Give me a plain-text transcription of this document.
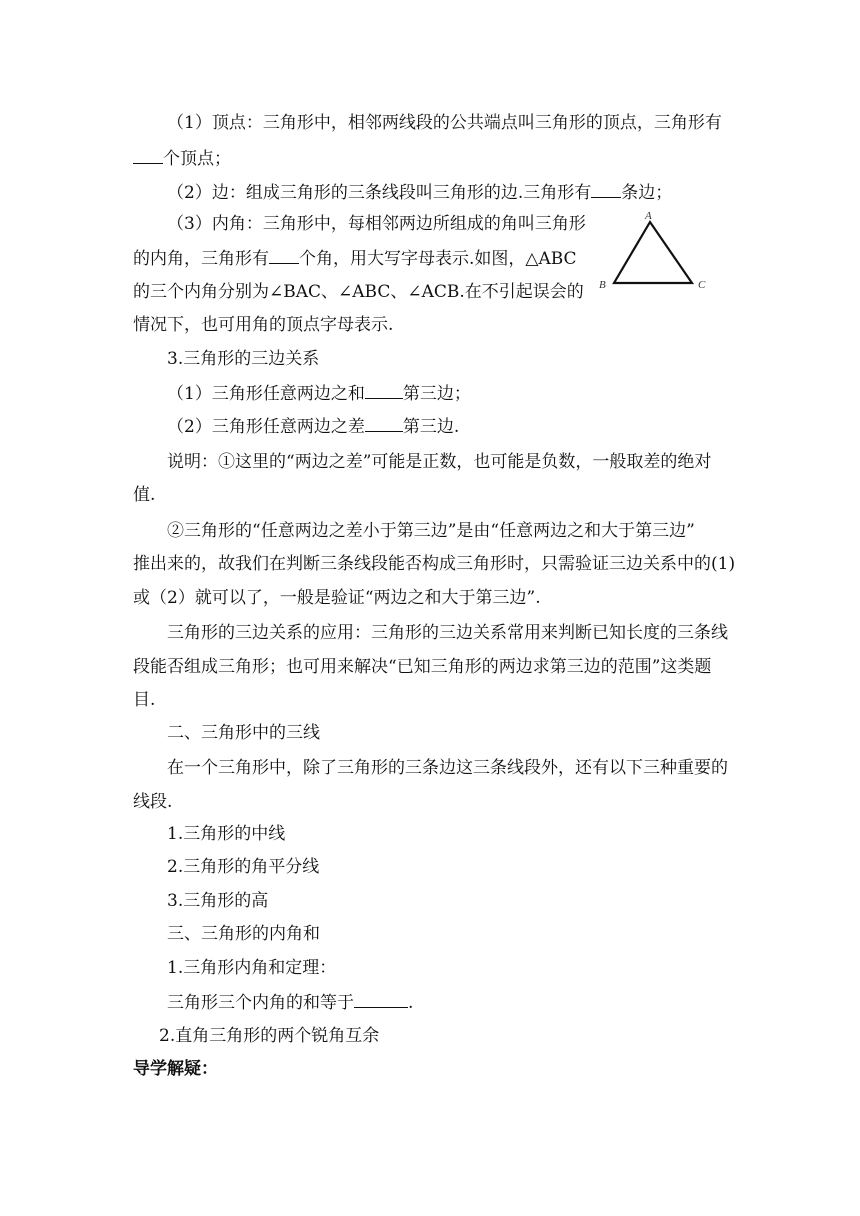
（1）顶点：三角形中，相邻两线段的公共端点叫三角形的顶点，三角形有
个顶点；
（2）边：组成三角形的三条线段叫三角形的边.三角形有 条边；
（3）内角：三角形中，每相邻两边所组成的角叫三角形
的内角，三角形有 个角，用大写字母表示.如图，△ABC
的三个内角分别为∠BAC、∠ABC、∠ACB.在不引起误会的
情况下，也可用角的顶点字母表示.
A
B	C
3.三角形的三边关系
（1）三角形任意两边之和 第三边；
（2）三角形任意两边之差 第三边.
说明：①这里的“两边之差”可能是正数，也可能是负数，一般取差的绝对
值.
②三角形的“任意两边之差小于第三边”是由“任意两边之和大于第三边”
推出来的，故我们在判断三条线段能否构成三角形时，只需验证三边关系中的(1)
或（2）就可以了，一般是验证“两边之和大于第三边”.
三角形的三边关系的应用：三角形的三边关系常用来判断已知长度的三条线
段能否组成三角形；也可用来解决“已知三角形的两边求第三边的范围”这类题
目.
二、三角形中的三线
在一个三角形中，除了三角形的三条边这三条线段外，还有以下三种重要的
线段.
1.三角形的中线
2.三角形的角平分线
3.三角形的高
三、三角形的内角和
1.三角形内角和定理：
三角形三个内角的和等于	.
2.直角三角形的两个锐角互余
导学解疑：
